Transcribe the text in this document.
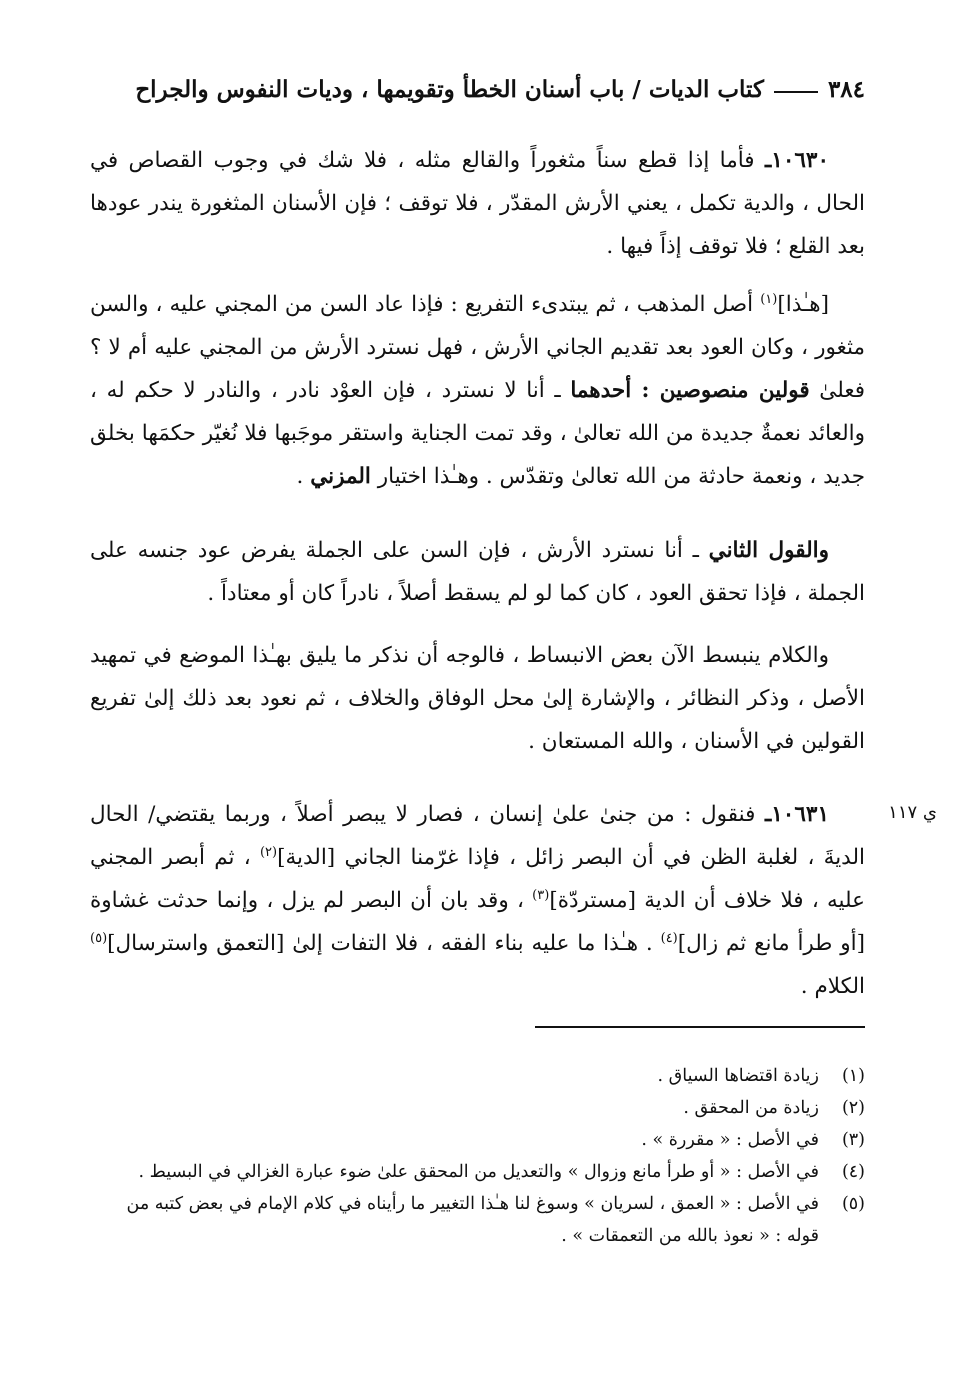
٣٨٤
كتاب الديات / باب أسنان الخطأ وتقويمها ، وديات النفوس والجراح

١٠٦٣٠ـ فأما إذا قطع سناً مثغوراً والقالع مثله ، فلا شك في وجوب القصاص في الحال ، والدية تكمل ، يعني الأرش المقدّر ، فلا توقف ؛ فإن الأسنان المثغورة يندر عودها بعد القلع ؛ فلا توقف إذاً فيها .

[هـٰذا]$^{(١)}$ أصل المذهب ، ثم يبتدىء التفريع : فإذا عاد السن من المجني عليه ، والسن مثغور ، وكان العود بعد تقديم الجاني الأرش ، فهل نسترد الأرش من المجني عليه أم لا ؟ فعلىٰ قولين منصوصين : أحدهما ـ أنا لا نسترد ، فإن العوْد نادر ، والنادر لا حكم له ، والعائد نعمةٌ جديدة من الله تعالىٰ ، وقد تمت الجناية واستقر موجَبها فلا نُغيّر حكمَها بخلق جديد ، ونعمة حادثة من الله تعالىٰ وتقدّس . وهـٰذا اختيار المزني .

والقول الثاني ـ أنا نسترد الأرش ، فإن السن على الجملة يفرض عود جنسه على الجملة ، فإذا تحقق العود ، كان كما لو لم يسقط أصلاً ، نادراً كان أو معتاداً .

والكلام ينبسط الآن بعض الانبساط ، فالوجه أن نذكر ما يليق بهـٰذا الموضع في تمهيد الأصل ، وذكر النظائر ، والإشارة إلىٰ محل الوفاق والخلاف ، ثم نعود بعد ذلك إلىٰ تفريع القولين في الأسنان ، والله المستعان .

ي ١١٧

١٠٦٣١ـ فنقول : من جنىٰ علىٰ إنسان ، فصار لا يبصر أصلاً ، وربما يقتضي/ الحال الديةَ ، لغلبة الظن في أن البصر زائل ، فإذا غرّمنا الجاني [الدية]$^{(٢)}$ ، ثم أبصر المجني عليه ، فلا خلاف أن الدية [مستردّة]$^{(٣)}$ ، وقد بان أن البصر لم يزل ، وإنما حدثت غشاوة [أو طرأ مانع ثم زال]$^{(٤)}$ . هـٰذا ما عليه بناء الفقه ، فلا التفات إلىٰ [التعمق واسترسال]$^{(٥)}$ الكلام .

(١)
زيادة اقتضاها السياق .
(٢)
زيادة من المحقق .
(٣)
في الأصل : « مقررة » .
(٤)
في الأصل : « أو طرأ مانع وزوال » والتعديل من المحقق علىٰ ضوء عبارة الغزالي في البسيط .
(٥)
في الأصل : « العمق ، لسريان » وسوغ لنا هـٰذا التغيير ما رأيناه في كلام الإمام في بعض كتبه من قوله : « نعوذ بالله من التعمقات » .
